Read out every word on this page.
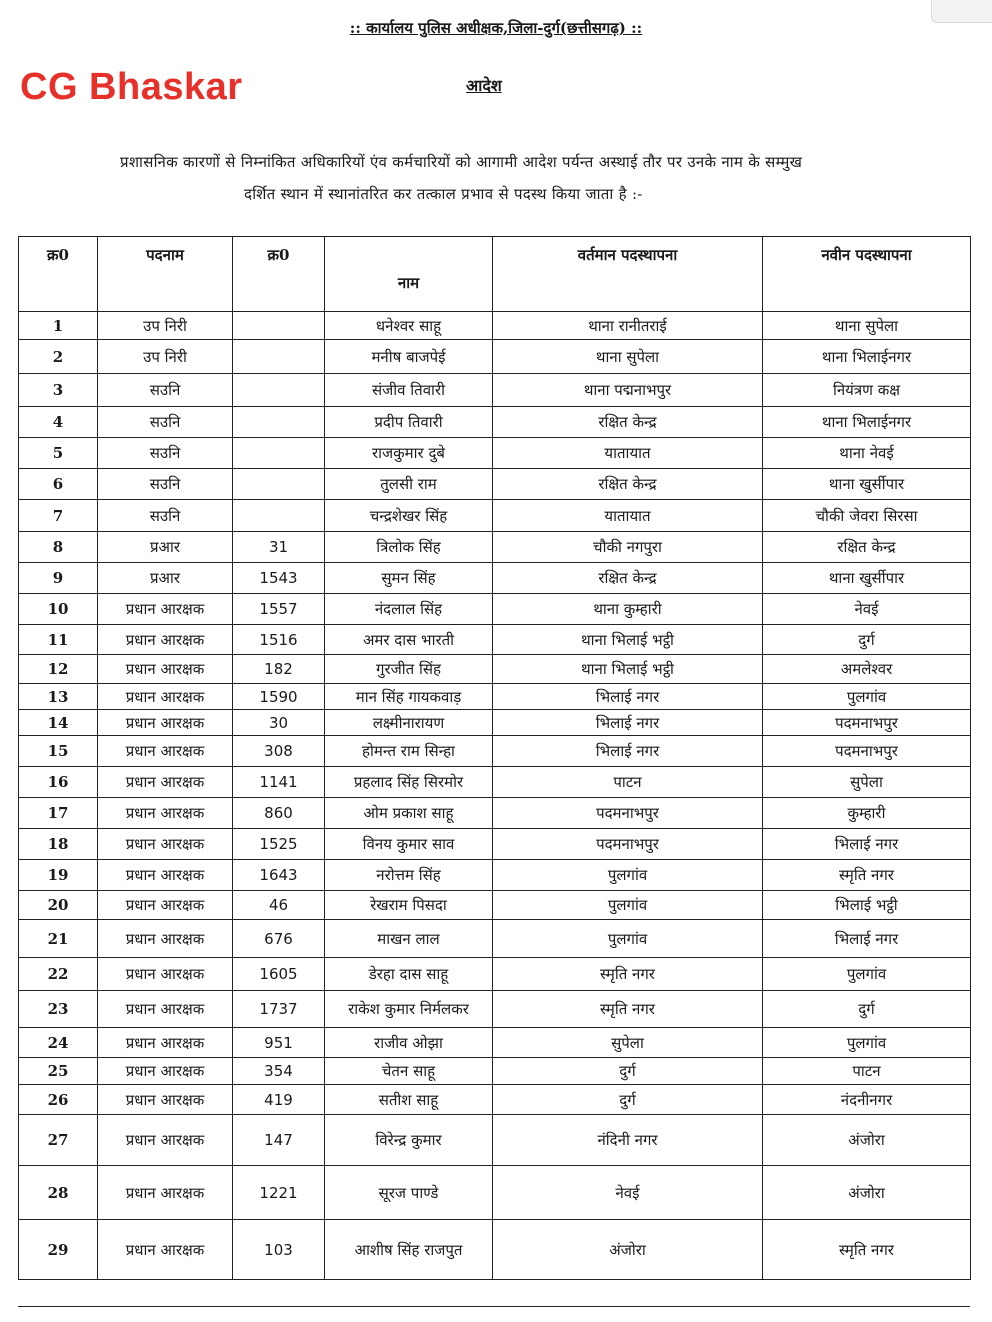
:: कार्यालय पुलिस अधीक्षक,जिला-दुर्ग(छत्तीसगढ़) ::
CG Bhaskar	आदेश
प्रशासनिक कारणों से निम्नांकित अधिकारियों एंव कर्मचारियों को आगामी आदेश पर्यन्त अस्थाई तौर पर उनके नाम के सम्मुख
दर्शित स्थान में स्थानांतरित कर तत्काल प्रभाव से पदस्थ किया जाता है :-
क्र0	पदनाम	क्र0	नाम	वर्तमान पदस्थापना	नवीन पदस्थापना
1	उप निरी		धनेश्वर साहू	थाना रानीतराई	थाना सुपेला
2	उप निरी		मनीष बाजपेई	थाना सुपेला	थाना भिलाईनगर
3	सउनि		संजीव तिवारी	थाना पद्मनाभपुर	नियंत्रण कक्ष
4	सउनि		प्रदीप तिवारी	रक्षित केन्द्र	थाना भिलाईनगर
5	सउनि		राजकुमार दुबे	यातायात	थाना नेवई
6	सउनि		तुलसी राम	रक्षित केन्द्र	थाना खुर्सीपार
7	सउनि		चन्द्रशेखर सिंह	यातायात	चौकी जेवरा सिरसा
8	प्रआर	31	त्रिलोक सिंह	चौकी नगपुरा	रक्षित केन्द्र
9	प्रआर	1543	सुमन सिंह	रक्षित केन्द्र	थाना खुर्सीपार
10	प्रधान आरक्षक	1557	नंदलाल सिंह	थाना कुम्हारी	नेवई
11	प्रधान आरक्षक	1516	अमर दास भारती	थाना भिलाई भट्ठी	दुर्ग
12	प्रधान आरक्षक	182	गुरजीत सिंह	थाना भिलाई भट्ठी	अमलेश्वर
13	प्रधान आरक्षक	1590	मान सिंह गायकवाड़	भिलाई नगर	पुलगांव
14	प्रधान आरक्षक	30	लक्ष्मीनारायण	भिलाई नगर	पदमनाभपुर
15	प्रधान आरक्षक	308	होमन्त राम सिन्हा	भिलाई नगर	पदमनाभपुर
16	प्रधान आरक्षक	1141	प्रहलाद सिंह सिरमोर	पाटन	सुपेला
17	प्रधान आरक्षक	860	ओम प्रकाश साहू	पदमनाभपुर	कुम्हारी
18	प्रधान आरक्षक	1525	विनय कुमार साव	पदमनाभपुर	भिलाई नगर
19	प्रधान आरक्षक	1643	नरोत्तम सिंह	पुलगांव	स्मृति नगर
20	प्रधान आरक्षक	46	रेखराम पिसदा	पुलगांव	भिलाई भट्ठी
21	प्रधान आरक्षक	676	माखन लाल	पुलगांव	भिलाई नगर
22	प्रधान आरक्षक	1605	डेरहा दास साहू	स्मृति नगर	पुलगांव
23	प्रधान आरक्षक	1737	राकेश कुमार निर्मलकर	स्मृति नगर	दुर्ग
24	प्रधान आरक्षक	951	राजीव ओझा	सुपेला	पुलगांव
25	प्रधान आरक्षक	354	चेतन साहू	दुर्ग	पाटन
26	प्रधान आरक्षक	419	सतीश साहू	दुर्ग	नंदनीनगर
27	प्रधान आरक्षक	147	विरेन्द्र कुमार	नंदिनी नगर	अंजोरा
28	प्रधान आरक्षक	1221	सूरज पाण्डे	नेवई	अंजोरा
29	प्रधान आरक्षक	103	आशीष सिंह राजपुत	अंजोरा	स्मृति नगर
